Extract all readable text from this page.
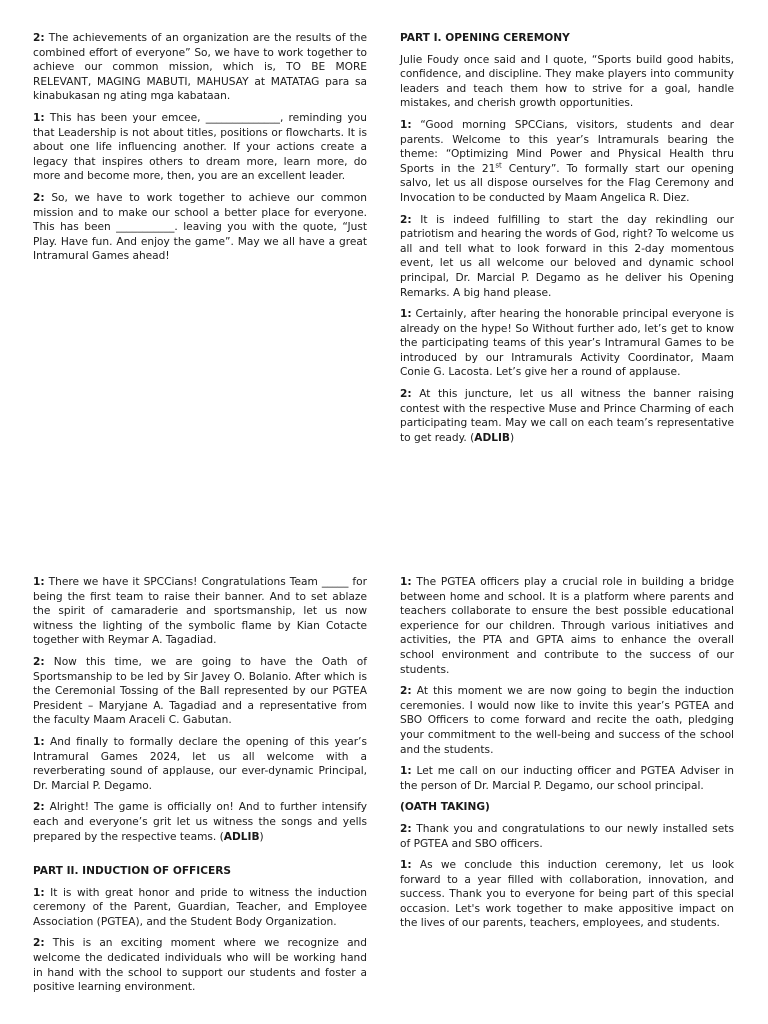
2: The achievements of an organization are the results of the combined effort of everyone” So, we have to work together to achieve our common mission, which is, TO BE MORE RELEVANT, MAGING MABUTI, MAHUSAY at MATATAG para sa kinabukasan ng ating mga kabataan.

1: This has been your emcee, ______________, reminding you that Leadership is not about titles, positions or flowcharts. It is about one life influencing another. If your actions create a legacy that inspires others to dream more, learn more, do more and become more, then, you are an excellent leader.

2: So, we have to work together to achieve our common mission and to make our school a better place for everyone. This has been ___________. leaving you with the quote, “Just Play. Have fun. And enjoy the game”. May we all have a great Intramural Games ahead!

PART I. OPENING CEREMONY

Julie Foudy once said and I quote, “Sports build good habits, confidence, and discipline. They make players into community leaders and teach them how to strive for a goal, handle mistakes, and cherish growth opportunities.

1: “Good morning SPCCians, visitors, students and dear parents. Welcome to this year’s Intramurals bearing the theme: “Optimizing Mind Power and Physical Health thru Sports in the 21st Century”. To formally start our opening salvo, let us all dispose ourselves for the Flag Ceremony and Invocation to be conducted by Maam Angelica R. Diez.

2: It is indeed fulfilling to start the day rekindling our patriotism and hearing the words of God, right? To welcome us all and tell what to look forward in this 2-day momentous event, let us all welcome our beloved and dynamic school principal, Dr. Marcial P. Degamo as he deliver his Opening Remarks. A big hand please.

1: Certainly, after hearing the honorable principal everyone is already on the hype! So Without further ado, let’s get to know the participating teams of this year’s Intramural Games to be introduced by our Intramurals Activity Coordinator, Maam Conie G. Lacosta. Let’s give her a round of applause.

2: At this juncture, let us all witness the banner raising contest with the respective Muse and Prince Charming of each participating team. May we call on each team’s representative to get ready. (ADLIB)

1: There we have it SPCCians! Congratulations Team _____ for being the first team to raise their banner. And to set ablaze the spirit of camaraderie and sportsmanship, let us now witness the lighting of the symbolic flame by Kian Cotacte together with Reymar A. Tagadiad.

2: Now this time, we are going to have the Oath of Sportsmanship to be led by Sir Javey O. Bolanio. After which is the Ceremonial Tossing of the Ball represented by our PGTEA President – Maryjane A. Tagadiad and a representative from the faculty Maam Araceli C. Gabutan.

1: And finally to formally declare the opening of this year’s Intramural Games 2024, let us all welcome with a reverberating sound of applause, our ever-dynamic Principal, Dr. Marcial P. Degamo.

2: Alright! The game is officially on! And to further intensify each and everyone’s grit let us witness the songs and yells prepared by the respective teams. (ADLIB)

PART II. INDUCTION OF OFFICERS

1: It is with great honor and pride to witness the induction ceremony of the Parent, Guardian, Teacher, and Employee Association (PGTEA), and the Student Body Organization.

2: This is an exciting moment where we recognize and welcome the dedicated individuals who will be working hand in hand with the school to support our students and foster a positive learning environment.

1: The PGTEA officers play a crucial role in building a bridge between home and school. It is a platform where parents and teachers collaborate to ensure the best possible educational experience for our children. Through various initiatives and activities, the PTA and GPTA aims to enhance the overall school environment and contribute to the success of our students.

2: At this moment we are now going to begin the induction ceremonies. I would now like to invite this year’s PGTEA and SBO Officers to come forward and recite the oath, pledging your commitment to the well-being and success of the school and the students.

1: Let me call on our inducting officer and PGTEA Adviser in the person of Dr. Marcial P. Degamo, our school principal.

(OATH TAKING)

2: Thank you and congratulations to our newly installed sets of PGTEA and SBO officers.

1: As we conclude this induction ceremony, let us look forward to a year filled with collaboration, innovation, and success. Thank you to everyone for being part of this special occasion. Let's work together to make appositive impact on the lives of our parents, teachers, employees, and students.
